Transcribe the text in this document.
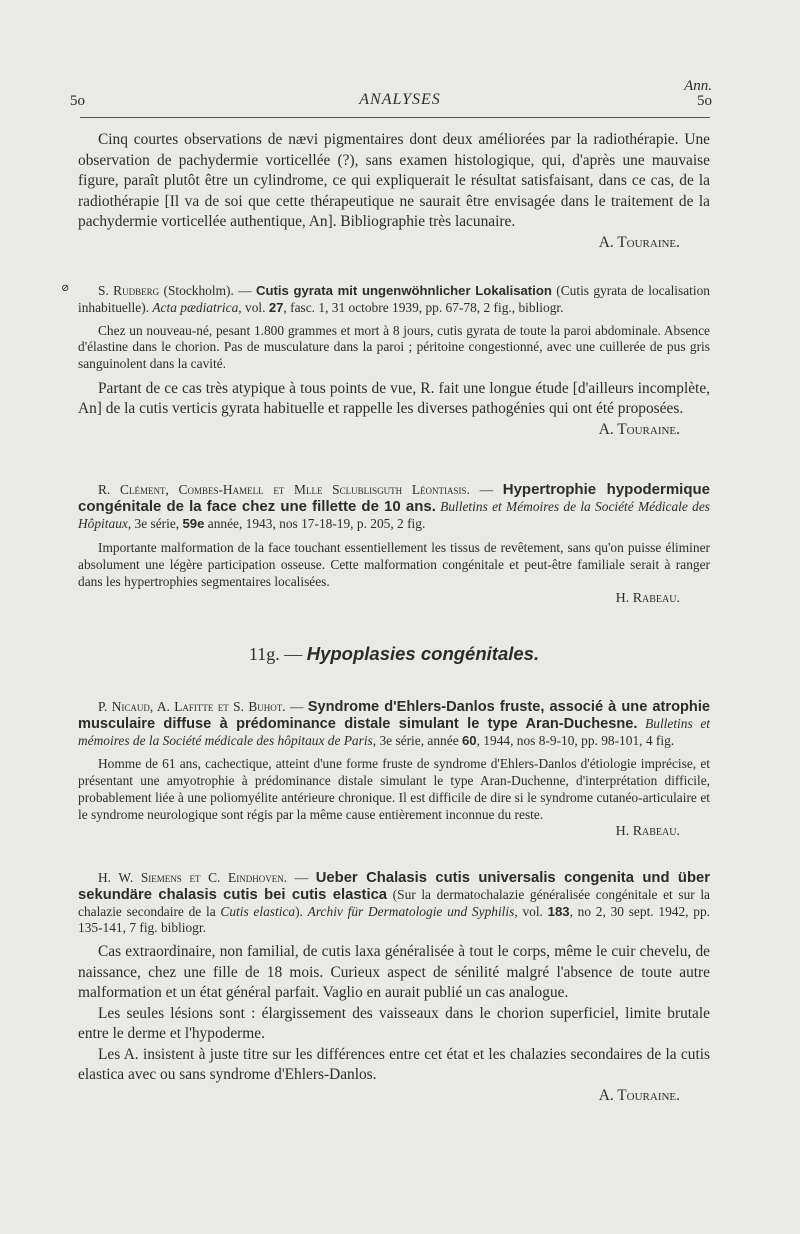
Ann.
5o	ANALYSES	5o

Cinq courtes observations de nævi pigmentaires dont deux améliorées par la radiothérapie. Une observation de pachydermie vorticellée (?), sans examen histologique, qui, d'après une mauvaise figure, paraît plutôt être un cylindrome, ce qui expliquerait le résultat satisfaisant, dans ce cas, de la radiothérapie [Il va de soi que cette thérapeutique ne saurait être envisagée dans le traitement de la pachydermie vorticellée authentique, An]. Bibliographie très lacunaire.

A. Touraine.

⊘	S. Rudberg (Stockholm). — Cutis gyrata mit ungenwöhnlicher Lokalisation (Cutis gyrata de localisation inhabituelle). Acta pædiatrica, vol. 27, fasc. 1, 31 octobre 1939, pp. 67-78, 2 fig., bibliogr.

Chez un nouveau-né, pesant 1.800 grammes et mort à 8 jours, cutis gyrata de toute la paroi abdominale. Absence d'élastine dans le chorion. Pas de musculature dans la paroi ; péritoine congestionné, avec une cuillerée de pus gris sanguinolent dans la cavité.

Partant de ce cas très atypique à tous points de vue, R. fait une longue étude [d'ailleurs incomplète, An] de la cutis verticis gyrata habituelle et rappelle les diverses pathogénies qui ont été proposées.

A. Touraine.

R. Clément, Combes-Hamell et Mlle Sclublisguth Léontiasis. — Hypertrophie hypodermique congénitale de la face chez une fillette de 10 ans. Bulletins et Mémoires de la Société Médicale des Hôpitaux, 3e série, 59e année, 1943, nos 17-18-19, p. 205, 2 fig.

Importante malformation de la face touchant essentiellement les tissus de revêtement, sans qu'on puisse éliminer absolument une légère participation osseuse. Cette malformation congénitale et peut-être familiale serait à ranger dans les hypertrophies segmentaires localisées.

H. Rabeau.

11g. — Hypoplasies congénitales.

P. Nicaud, A. Lafitte et S. Buhot. — Syndrome d'Ehlers-Danlos fruste, associé à une atrophie musculaire diffuse à prédominance distale simulant le type Aran-Duchesne. Bulletins et mémoires de la Société médicale des hôpitaux de Paris, 3e série, année 60, 1944, nos 8-9-10, pp. 98-101, 4 fig.

Homme de 61 ans, cachectique, atteint d'une forme fruste de syndrome d'Ehlers-Danlos d'étiologie imprécise, et présentant une amyotrophie à prédominance distale simulant le type Aran-Duchenne, d'interprétation difficile, probablement liée à une poliomyélite antérieure chronique. Il est difficile de dire si le syndrome cutanéo-articulaire et le syndrome neurologique sont régis par la même cause entièrement inconnue du reste.

H. Rabeau.

H. W. Siemens et C. Eindhoven. — Ueber Chalasis cutis universalis congenita und über sekundäre chalasis cutis bei cutis elastica (Sur la dermatochalazie généralisée congénitale et sur la chalazie secondaire de la Cutis elastica). Archiv für Dermatologie und Syphilis, vol. 183, no 2, 30 sept. 1942, pp. 135-141, 7 fig. bibliogr.

Cas extraordinaire, non familial, de cutis laxa généralisée à tout le corps, même le cuir chevelu, de naissance, chez une fille de 18 mois. Curieux aspect de sénilité malgré l'absence de toute autre malformation et un état général parfait. Vaglio en aurait publié un cas analogue.

Les seules lésions sont : élargissement des vaisseaux dans le chorion superficiel, limite brutale entre le derme et l'hypoderme.

Les A. insistent à juste titre sur les différences entre cet état et les chalazies secondaires de la cutis elastica avec ou sans syndrome d'Ehlers-Danlos.

A. Touraine.
